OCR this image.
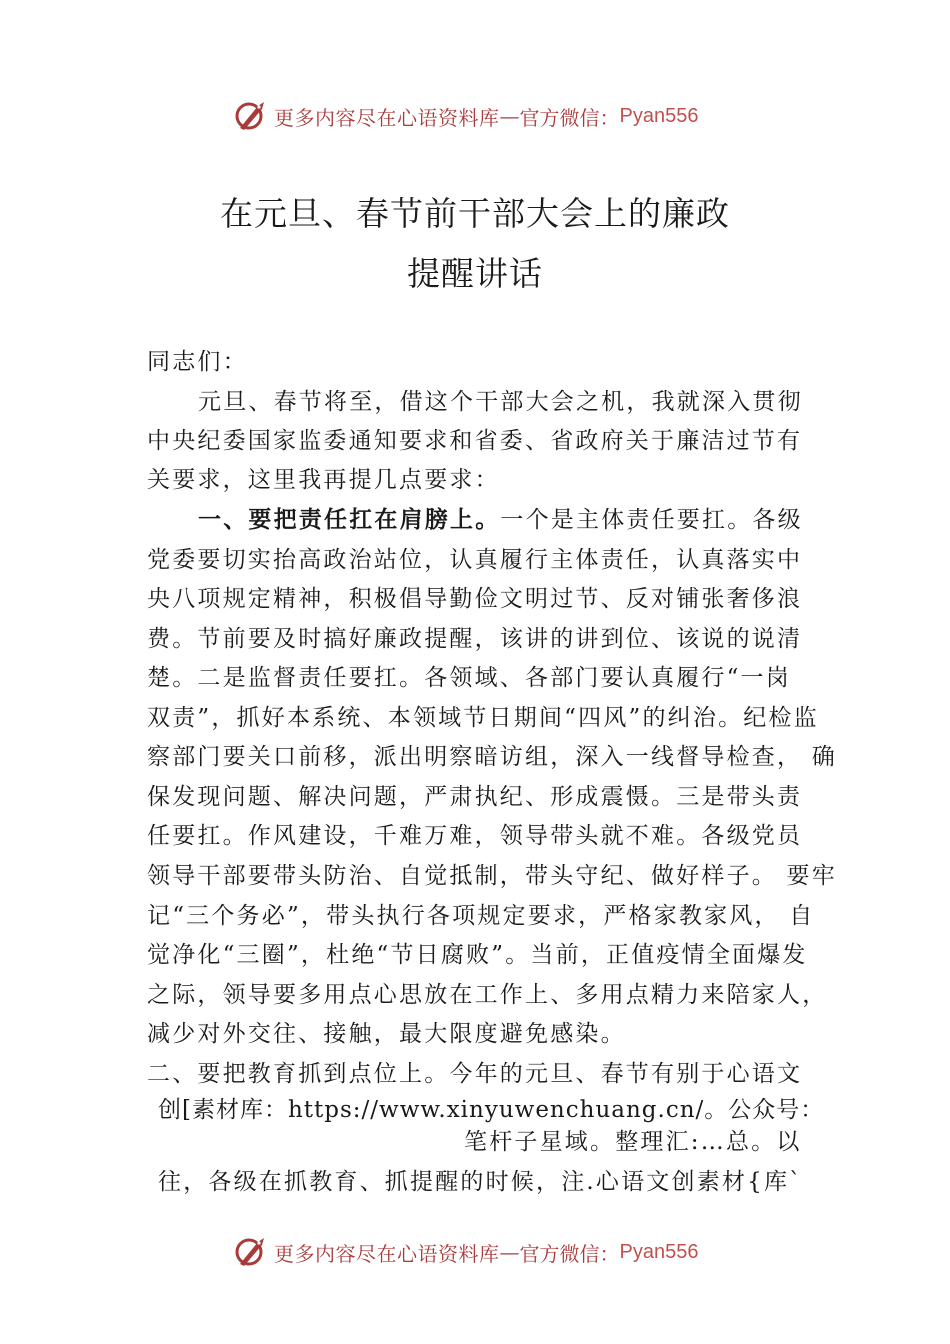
更多内容尽在心语资料库 — 官方微信： Pyan556
在元旦、春节前干部大会上的廉政
提醒讲话
同志们：
元旦、春节将至，借这个干部大会之机，我就深入贯彻
中央纪委国家监委通知要求和省委、省政府关于廉洁过节有
关要求，这里我再提几点要求：
一、要把责任扛在肩膀上。一个是主体责任要扛。各级
党委要切实抬高政治站位，认真履行主体责任，认真落实中
央八项规定精神，积极倡导勤俭文明过节、反对铺张奢侈浪
费。节前要及时搞好廉政提醒，该讲的讲到位、该说的说清
楚。二是监督责任要扛。各领域、各部门要认真履行“一岗
双责”，抓好本系统、本领域节日期间“四风”的纠治。纪检监
察部门要关口前移，派出明察暗访组，深入一线督导检查， 确
保发现问题、解决问题，严肃执纪、形成震慑。三是带头责
任要扛。作风建设，千难万难，领导带头就不难。各级党员
领导干部要带头防治、自觉抵制，带头守纪、做好样子。 要牢
记“三个务必”，带头执行各项规定要求，严格家教家风， 自
觉净化“三圈”，杜绝“节日腐败”。当前，正值疫情全面爆发
之际，领导要多用点心思放在工作上、多用点精力来陪家人，
减少对外交往、接触，最大限度避免感染。
二、要把教育抓到点位上。今年的元旦、春节有别于心语文
创[素材库：https://www.xinyuwenchuang.cn/。公众号：
笔杆子星域。整理汇:…总。以
往，各级在抓教育、抓提醒的时候，注.心语文创素材{库`
更多内容尽在心语资料库 — 官方微信： Pyan556
